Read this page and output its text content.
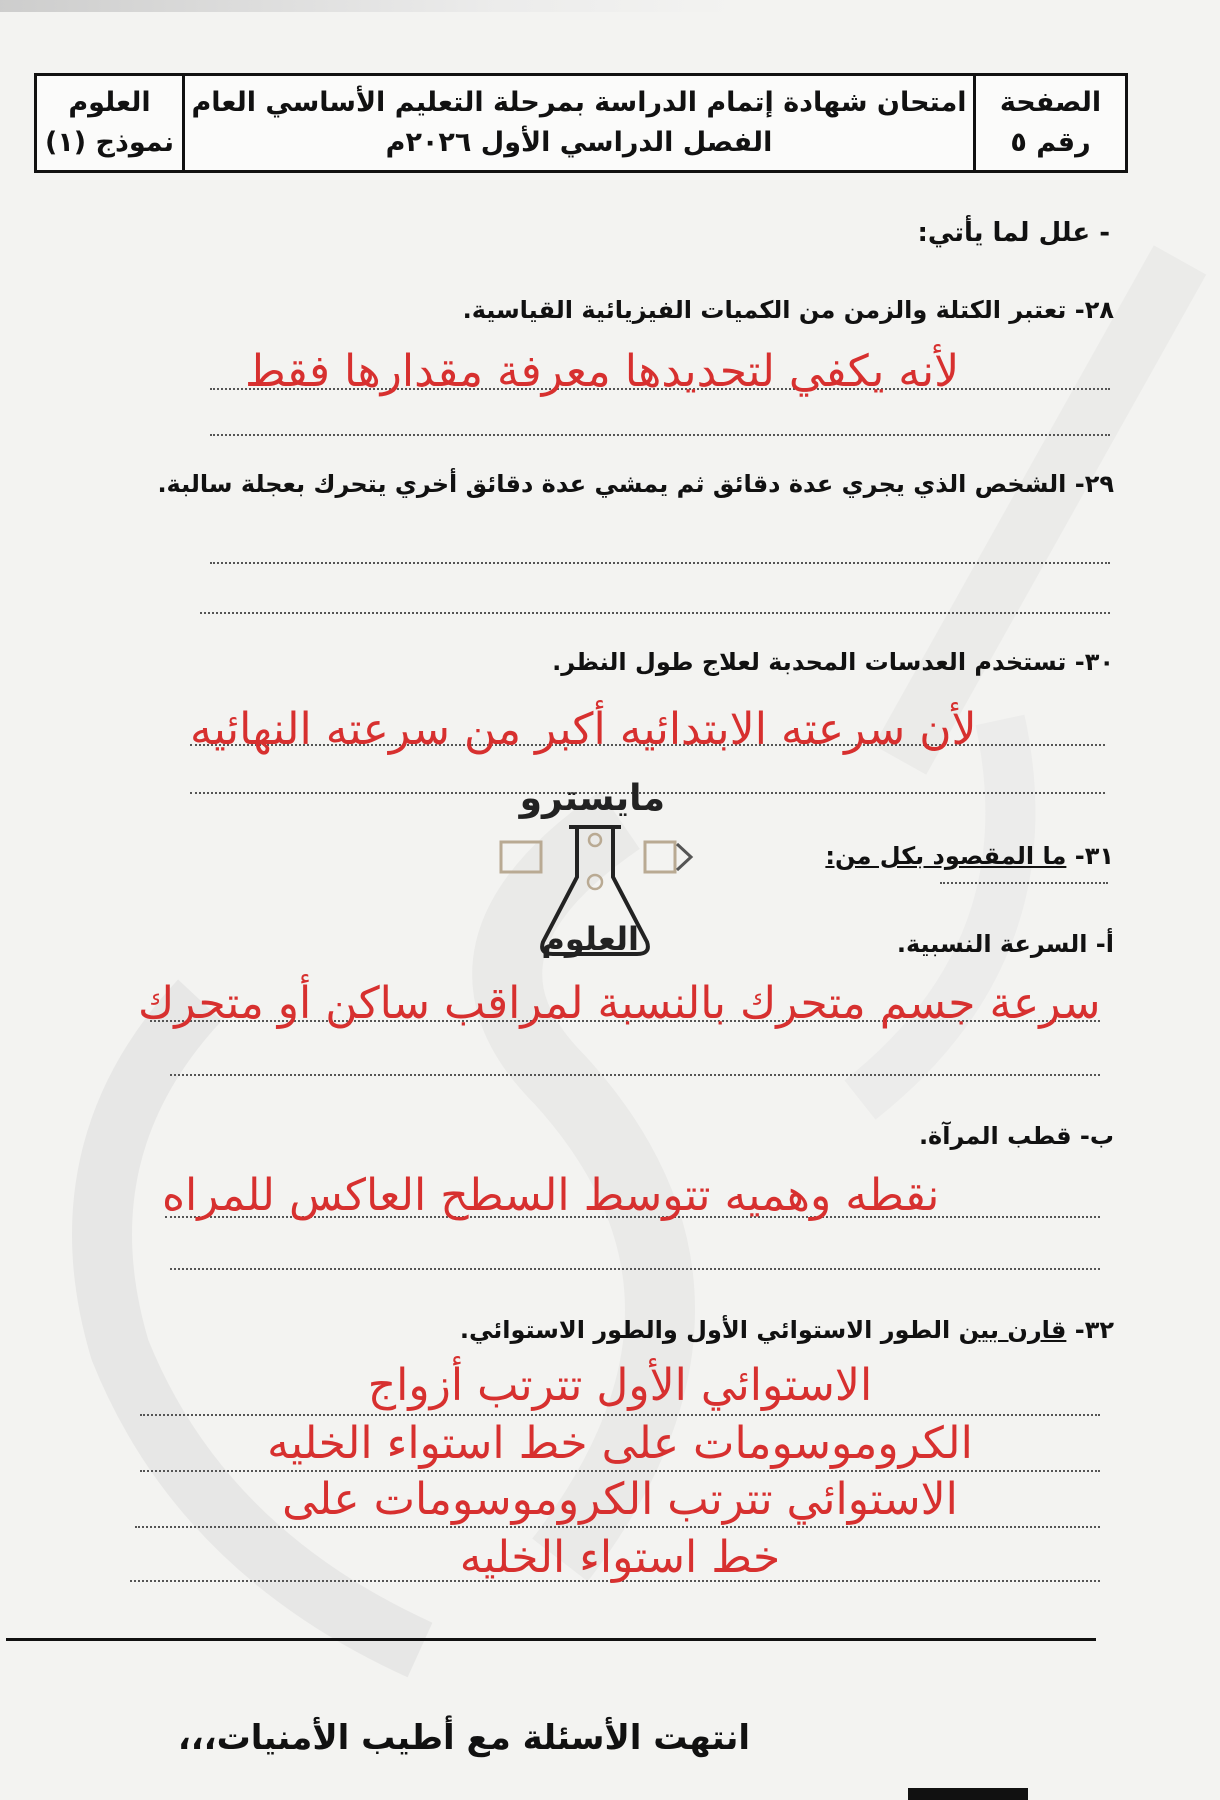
العلوم
نموذج (١)
امتحان شهادة إتمام الدراسة بمرحلة التعليم الأساسي العام
الفصل الدراسي الأول ٢٠٢٦م
الصفحة
رقم ٥
- علل لما يأتي:
٢٨- تعتبر الكتلة والزمن من الكميات الفيزيائية القياسية.
لأنه يكفي لتحديدها معرفة مقدارها فقط
٢٩- الشخص الذي يجري عدة دقائق ثم يمشي عدة دقائق أخري يتحرك بعجلة سالبة.
٣٠- تستخدم العدسات المحدبة لعلاج طول النظر.
لأن سرعته الابتدائيه أكبر من سرعته النهائيه
مايسترو
العلوم
٣١- ما المقصود بكل من:
أ- السرعة النسبية.
سرعة جسم متحرك بالنسبة لمراقب ساكن أو متحرك
ب- قطب المرآة.
نقطه وهميه تتوسط السطح العاكس للمراه
٣٢- قارن بين الطور الاستوائي الأول والطور الاستوائي.
الاستوائي الأول تترتب أزواج
الكروموسومات على خط استواء الخليه
الاستوائي تترتب الكروموسومات على
خط استواء الخليه
انتهت الأسئلة مع أطيب الأمنيات،،،
